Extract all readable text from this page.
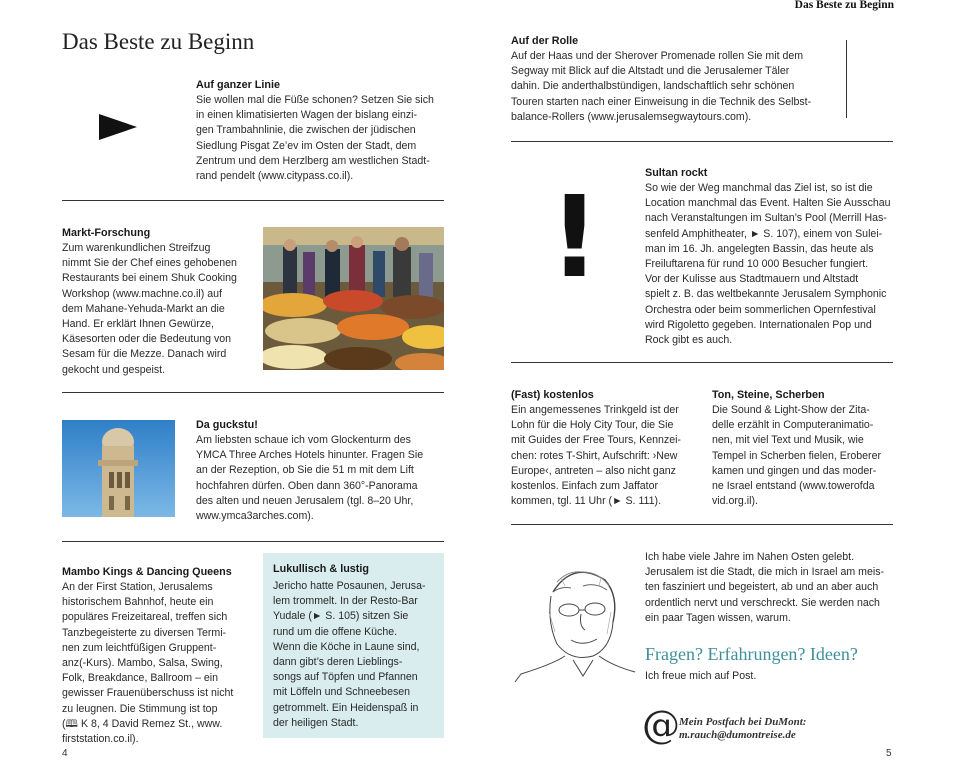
Das Beste zu Beginn
Das Beste zu Beginn
Auf ganzer Linie
Sie wollen mal die Füße schonen? Setzen Sie sich
in einen klimatisierten Wagen der bislang einzi-
gen Trambahnlinie, die zwischen der jüdischen
Siedlung Pisgat Ze’ev im Osten der Stadt, dem
Zentrum und dem Herzlberg am westlichen Stadt-
rand pendelt (www.citypass.co.il).
Markt-Forschung
Zum warenkundlichen Streifzug
nimmt Sie der Chef eines gehobenen
Restaurants bei einem Shuk Cooking
Workshop (www.machne.co.il) auf
dem Mahane-Yehuda-Markt an die
Hand. Er erklärt Ihnen Gewürze,
Käsesorten oder die Bedeutung von
Sesam für die Mezze. Danach wird
gekocht und gespeist.
Da guckstu!
Am liebsten schaue ich vom Glockenturm des
YMCA Three Arches Hotels hinunter. Fragen Sie
an der Rezeption, ob Sie die 51 m mit dem Lift
hochfahren dürfen. Oben dann 360°-Panorama
des alten und neuen Jerusalem (tgl. 8–20 Uhr,
www.ymca3arches.com).
Mambo Kings & Dancing Queens
An der First Station, Jerusalems
historischem Bahnhof, heute ein
populäres Freizeitareal, treffen sich
Tanzbegeisterte zu diversen Termi-
nen zum leichtfüßigen Gruppent-
anz(-Kurs). Mambo, Salsa, Swing,
Folk, Breakdance, Ballroom – ein
gewisser Frauenüberschuss ist nicht
zu leugnen. Die Stimmung ist top
(🕮 K 8, 4 David Remez St., www.
firststation.co.il).
Lukullisch & lustig
Jericho hatte Posaunen, Jerusa-
lem trommelt. In der Resto-Bar
Yudale (► S. 105) sitzen Sie
rund um die offene Küche.
Wenn die Köche in Laune sind,
dann gibt’s deren Lieblings-
songs auf Töpfen und Pfannen
mit Löffeln und Schneebesen
getrommelt. Ein Heidenspaß in
der heiligen Stadt.
4
Auf der Rolle
Auf der Haas und der Sherover Promenade rollen Sie mit dem
Segway mit Blick auf die Altstadt und die Jerusalemer Täler
dahin. Die anderthalbstündigen, landschaftlich sehr schönen
Touren starten nach einer Einweisung in die Technik des Selbst-
balance-Rollers (www.jerusalemsegwaytours.com).
!	Sultan rockt
So wie der Weg manchmal das Ziel ist, so ist die
Location manchmal das Event. Halten Sie Ausschau
nach Veranstaltungen im Sultan’s Pool (Merrill Has-
senfeld Amphitheater, ► S. 107), einem von Sulei-
man im 16. Jh. angelegten Bassin, das heute als
Freiluftarena für rund 10 000 Besucher fungiert.
Vor der Kulisse aus Stadtmauern und Altstadt
spielt z. B. das weltbekannte Jerusalem Symphonic
Orchestra oder beim sommerlichen Opernfestival
wird Rigoletto gegeben. Internationalen Pop und
Rock gibt es auch.
(Fast) kostenlos
Ein angemessenes Trinkgeld ist der
Lohn für die Holy City Tour, die Sie
mit Guides der Free Tours, Kennzei-
chen: rotes T-Shirt, Aufschrift: ›New
Europe‹, antreten – also nicht ganz
kostenlos. Einfach zum Jaffator
kommen, tgl. 11 Uhr (► S. 111).
Ton, Steine, Scherben
Die Sound & Light-Show der Zita-
delle erzählt in Computeranimatio-
nen, mit viel Text und Musik, wie
Tempel in Scherben fielen, Eroberer
kamen und gingen und das moder-
ne Israel entstand (www.towerofda
vid.org.il).
Ich habe viele Jahre im Nahen Osten gelebt.
Jerusalem ist die Stadt, die mich in Israel am meis-
ten fasziniert und begeistert, ab und an aber auch
ordentlich nervt und verschreckt. Sie werden nach
ein paar Tagen wissen, warum.
Fragen? Erfahrungen? Ideen?
Ich freue mich auf Post.
@ Mein Postfach bei DuMont:
m.rauch@dumontreise.de
5
